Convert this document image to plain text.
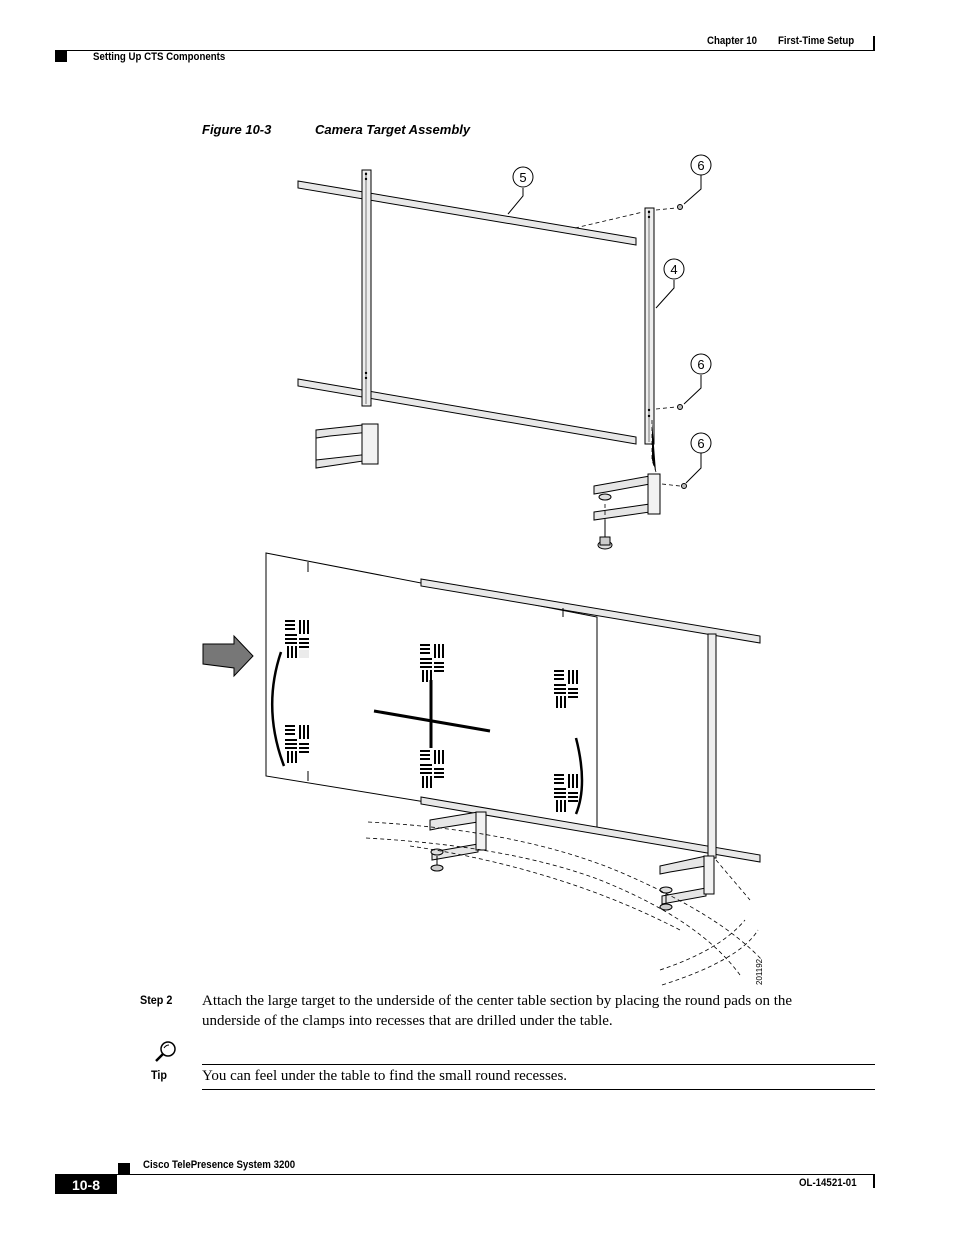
Chapter 10 First-Time Setup
Setting Up CTS Components
Figure 10-3	Camera Target Assembly
5
6
4
6
6
201192
Step 2 Attach the large target to the underside of the center table section by placing the round pads on the
underside of the clamps into recesses that are drilled under the table.
Tip You can feel under the table to find the small round recesses.
Cisco TelePresence System 3200
10-8	OL-14521-01
